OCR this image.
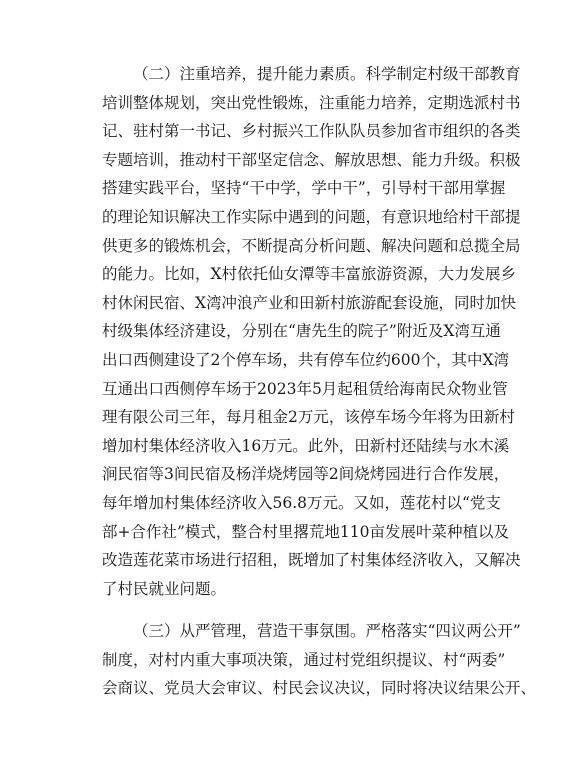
（二）注重培养，提升能力素质。科学制定村级干部教育
培训整体规划，突出党性锻炼，注重能力培养，定期选派村书
记、驻村第一书记、乡村振兴工作队队员参加省市组织的各类
专题培训，推动村干部坚定信念、解放思想、能力升级。积极
搭建实践平台，坚持“干中学，学中干”，引导村干部用掌握
的理论知识解决工作实际中遇到的问题，有意识地给村干部提
供更多的锻炼机会，不断提高分析问题、解决问题和总揽全局
的能力。比如，X村依托仙女潭等丰富旅游资源，大力发展乡
村休闲民宿、X湾冲浪产业和田新村旅游配套设施，同时加快
村级集体经济建设，分别在“唐先生的院子”附近及X湾互通
出口西侧建设了2个停车场，共有停车位约600个，其中X湾
互通出口西侧停车场于2023年5月起租赁给海南民众物业管
理有限公司三年，每月租金2万元，该停车场今年将为田新村
增加村集体经济收入16万元。此外，田新村还陆续与水木溪
涧民宿等3间民宿及杨洋烧烤园等2间烧烤园进行合作发展，
每年增加村集体经济收入56.8万元。又如，莲花村以“党支
部+合作社”模式，整合村里撂荒地110亩发展叶菜种植以及
改造莲花菜市场进行招租，既增加了村集体经济收入，又解决
了村民就业问题。
（三）从严管理，营造干事氛围。严格落实“四议两公开”
制度，对村内重大事项决策，通过村党组织提议、村“两委”
会商议、党员大会审议、村民会议决议，同时将决议结果公开、
